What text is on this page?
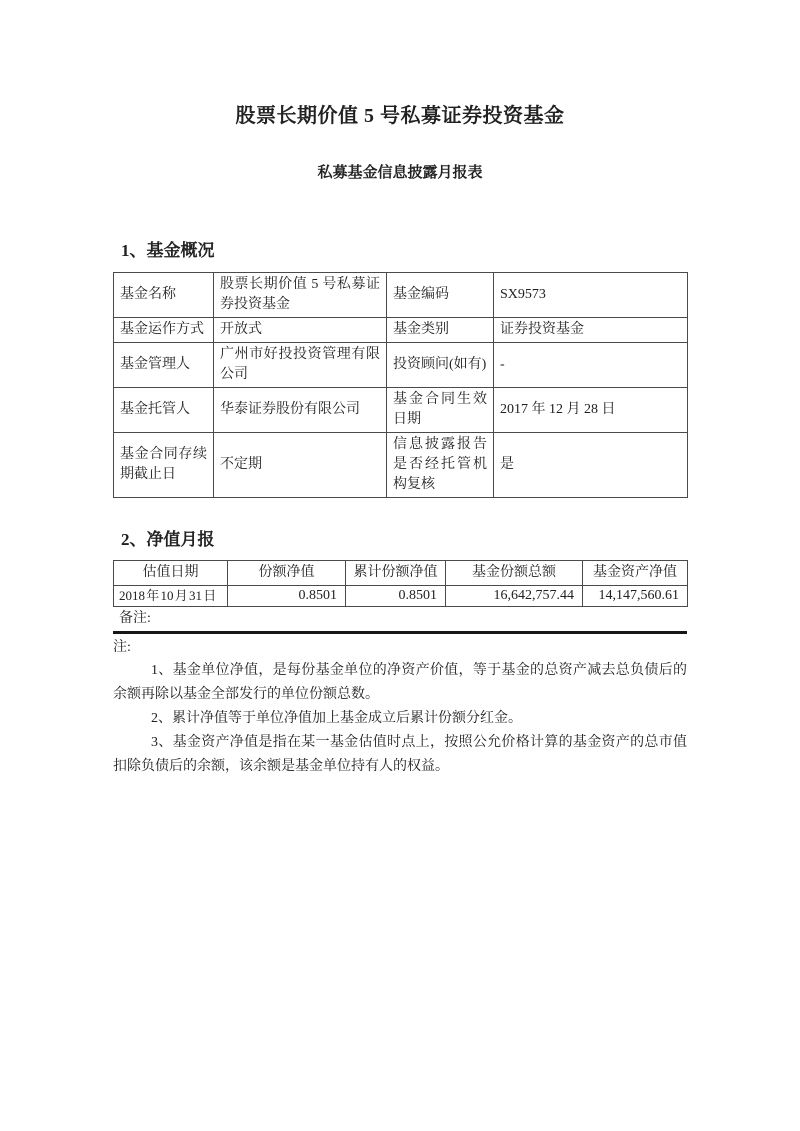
股票长期价值 5 号私募证券投资基金
私募基金信息披露月报表
1、基金概况
基金名称	股票长期价值 5 号私募证券投资基金	基金编码	SX9573
基金运作方式	开放式	基金类别	证券投资基金
基金管理人	广州市好投投资管理有限公司	投资顾问(如有)	-
基金托管人	华泰证券股份有限公司	基金合同生效日期	2017 年 12 月 28 日
基金合同存续期截止日	不定期	信息披露报告是否经托管机构复核	是
2、净值月报
估值日期	份额净值	累计份额净值	基金份额总额	基金资产净值
2018 年 10 月 31 日	0.8501	0.8501	16,642,757.44	14,147,560.61
备注:
注:

1、基金单位净值，是每份基金单位的净资产价值，等于基金的总资产减去总负债后的余额再除以基金全部发行的单位份额总数。

2、累计净值等于单位净值加上基金成立后累计份额分红金。

3、基金资产净值是指在某一基金估值时点上，按照公允价格计算的基金资产的总市值扣除负债后的余额，该余额是基金单位持有人的权益。
